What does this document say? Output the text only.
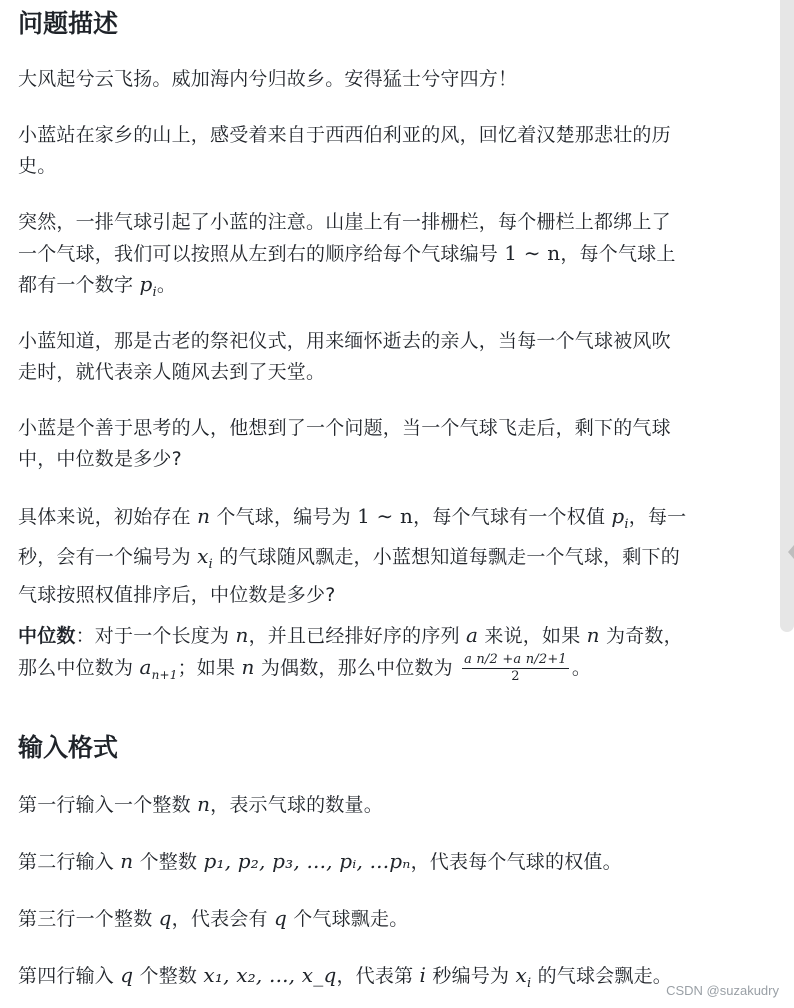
问题描述

大风起兮云飞扬。威加海内兮归故乡。安得猛士兮守四方！

小蓝站在家乡的山上，感受着来自于西西伯利亚的风，回忆着汉楚那悲壮的历
史。

突然，一排气球引起了小蓝的注意。山崖上有一排栅栏，每个栅栏上都绑上了
一个气球，我们可以按照从左到右的顺序给每个气球编号 1 ∼ n，每个气球上
都有一个数字 $p_i$。

小蓝知道，那是古老的祭祀仪式，用来缅怀逝去的亲人，当每一个气球被风吹
走时，就代表亲人随风去到了天堂。

小蓝是个善于思考的人，他想到了一个问题，当一个气球飞走后，剩下的气球
中，中位数是多少?

具体来说，初始存在 n 个气球，编号为 1 ∼ n，每个气球有一个权值 $p_i$，每一
秒，会有一个编号为 $x_i$ 的气球随风飘走，小蓝想知道每飘走一个气球，剩下的
气球按照权值排序后，中位数是多少?

中位数：对于一个长度为 n，并且已经排好序的序列 a 来说，如果 n 为奇数，
那么中位数为 $a_{n+1}$；如果 n 为偶数，那么中位数为 $\frac{\text{a n/2 +a n/2+1}}{2}$ 。

输入格式

第一行输入一个整数 n，表示气球的数量。

第二行输入 n 个整数 p₁, p₂, p₃, ..., pᵢ, ...pₙ，代表每个气球的权值。

第三行一个整数 q，代表会有 q 个气球飘走。

第四行输入 q 个整数 x₁, x₂, ..., x_q，代表第 i 秒编号为 $x_i$ 的气球会飘走。

CSDN @suzakudry
